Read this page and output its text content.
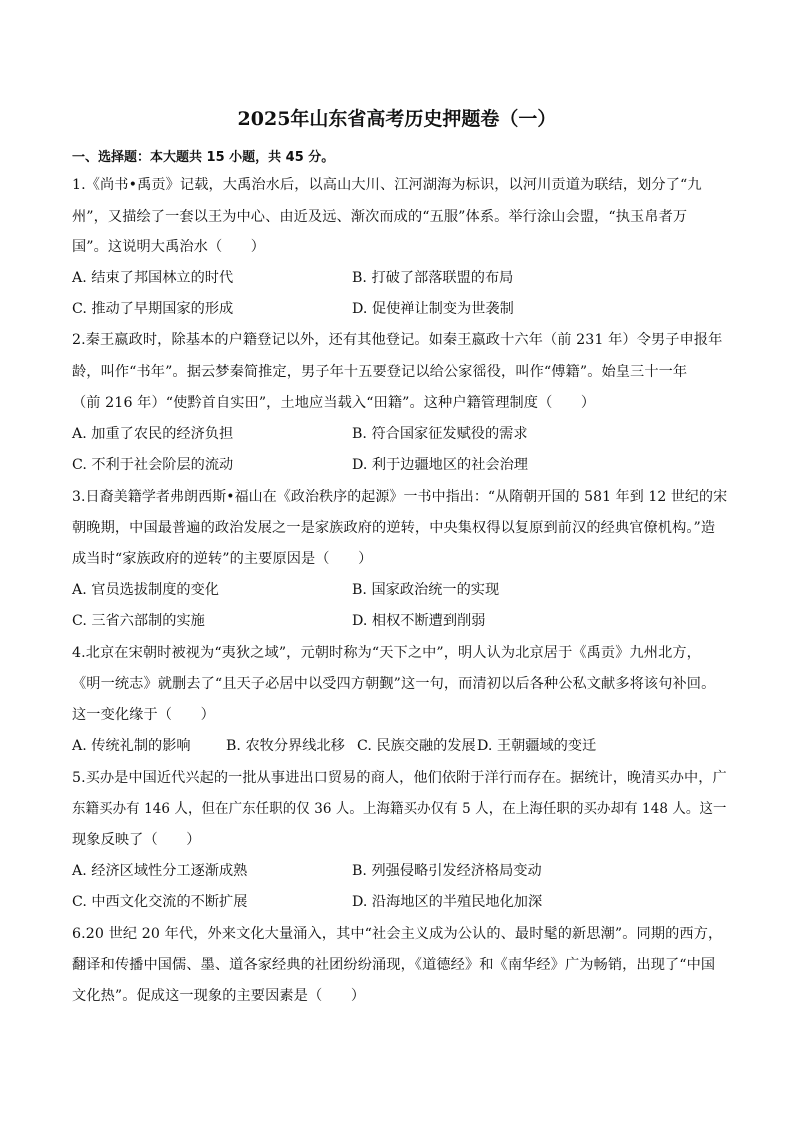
2025年山东省高考历史押题卷（一）
一、选择题：本大题共 15 小题，共 45 分。
1.《尚书•禹贡》记载，大禹治水后，以高山大川、江河湖海为标识，以河川贡道为联结，划分了“九
州”，又描绘了一套以王为中心、由近及远、渐次而成的“五服”体系。举行涂山会盟，“执玉帛者万
国”。这说明大禹治水（　　）
A. 结束了邦国林立的时代	B. 打破了部落联盟的布局
C. 推动了早期国家的形成	D. 促使禅让制变为世袭制
2.秦王嬴政时，除基本的户籍登记以外，还有其他登记。如秦王嬴政十六年（前 231 年）令男子申报年
龄，叫作“书年”。据云梦秦简推定，男子年十五要登记以给公家徭役，叫作“傅籍”。始皇三十一年
（前 216 年）“使黔首自实田”，土地应当载入“田籍”。这种户籍管理制度（　　）
A. 加重了农民的经济负担	B. 符合国家征发赋役的需求
C. 不利于社会阶层的流动	D. 利于边疆地区的社会治理
3.日裔美籍学者弗朗西斯•福山在《政治秩序的起源》一书中指出：“从隋朝开国的 581 年到 12 世纪的宋
朝晚期，中国最普遍的政治发展之一是家族政府的逆转，中央集权得以复原到前汉的经典官僚机构。”造
成当时“家族政府的逆转”的主要原因是（　　）
A. 官员选拔制度的变化	B. 国家政治统一的实现
C. 三省六部制的实施	D. 相权不断遭到削弱
4.北京在宋朝时被视为“夷狄之域”，元朝时称为“天下之中”，明人认为北京居于《禹贡》九州北方，
《明一统志》就删去了“且天子必居中以受四方朝觐”这一句，而清初以后各种公私文献多将该句补回。
这一变化缘于（　　）
A. 传统礼制的影响 B. 农牧分界线北移 C. 民族交融的发展 D. 王朝疆域的变迁
5.买办是中国近代兴起的一批从事进出口贸易的商人，他们依附于洋行而存在。据统计，晚清买办中，广
东籍买办有 146 人，但在广东任职的仅 36 人。上海籍买办仅有 5 人，在上海任职的买办却有 148 人。这一
现象反映了（　　）
A. 经济区域性分工逐渐成熟	B. 列强侵略引发经济格局变动
C. 中西文化交流的不断扩展	D. 沿海地区的半殖民地化加深
6.20 世纪 20 年代，外来文化大量涌入，其中“社会主义成为公认的、最时髦的新思潮”。同期的西方，
翻译和传播中国儒、墨、道各家经典的社团纷纷涌现，《道德经》和《南华经》广为畅销，出现了“中国
文化热”。促成这一现象的主要因素是（　　）
